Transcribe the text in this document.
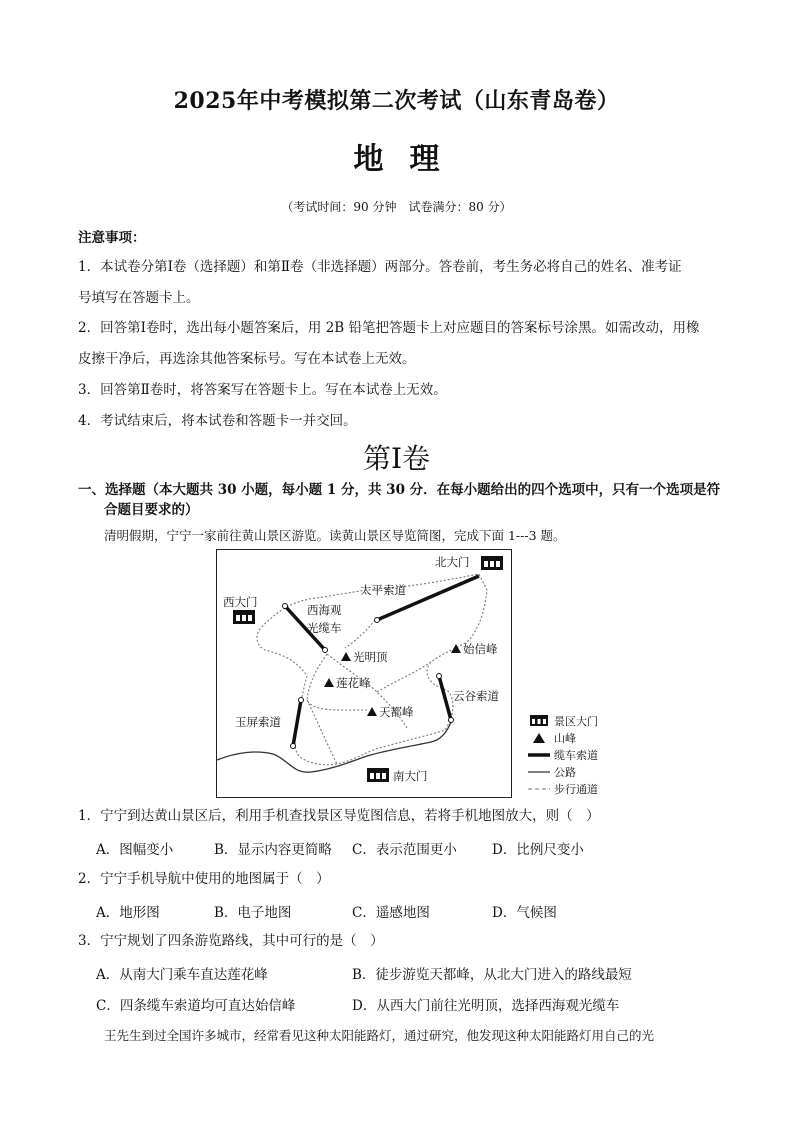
2025年中考模拟第二次考试（山东青岛卷）
地理
（考试时间：90 分钟　试卷满分：80 分）
注意事项：
1．本试卷分第Ⅰ卷（选择题）和第Ⅱ卷（非选择题）两部分。答卷前，考生务必将自己的姓名、准考证
号填写在答题卡上。
2．回答第Ⅰ卷时，选出每小题答案后，用 2B 铅笔把答题卡上对应题目的答案标号涂黑。如需改动，用橡
皮擦干净后，再选涂其他答案标号。写在本试卷上无效。
3．回答第Ⅱ卷时，将答案写在答题卡上。写在本试卷上无效。
4．考试结束后，将本试卷和答题卡一并交回。
第Ⅰ卷
一、选择题（本大题共 30 小题，每小题 1 分，共 30 分．在每小题给出的四个选项中，只有一个选项是符
合题目要求的）
清明假期，宁宁一家前往黄山景区游览。读黄山景区导览简图，完成下面 1---3 题。
北大门
西大门
南大门
太平索道
西海观
光缆车
光明顶
始信峰
莲花峰
云谷索道
玉屏索道
天都峰
景区大门
山峰
缆车索道
公路
步行通道
1．宁宁到达黄山景区后，利用手机查找景区导览图信息，若将手机地图放大，则（　）
A．图幅变小	B．显示内容更简略 C．表示范围更小	D．比例尺变小
2．宁宁手机导航中使用的地图属于（　）
A．地形图	B．电子地图	C．遥感地图	D．气候图
3．宁宁规划了四条游览路线，其中可行的是（　）
A．从南大门乘车直达莲花峰	B．徒步游览天都峰，从北大门进入的路线最短
C．四条缆车索道均可直达始信峰	D．从西大门前往光明顶，选择西海观光缆车
王先生到过全国许多城市，经常看见这种太阳能路灯，通过研究，他发现这种太阳能路灯用自己的光
